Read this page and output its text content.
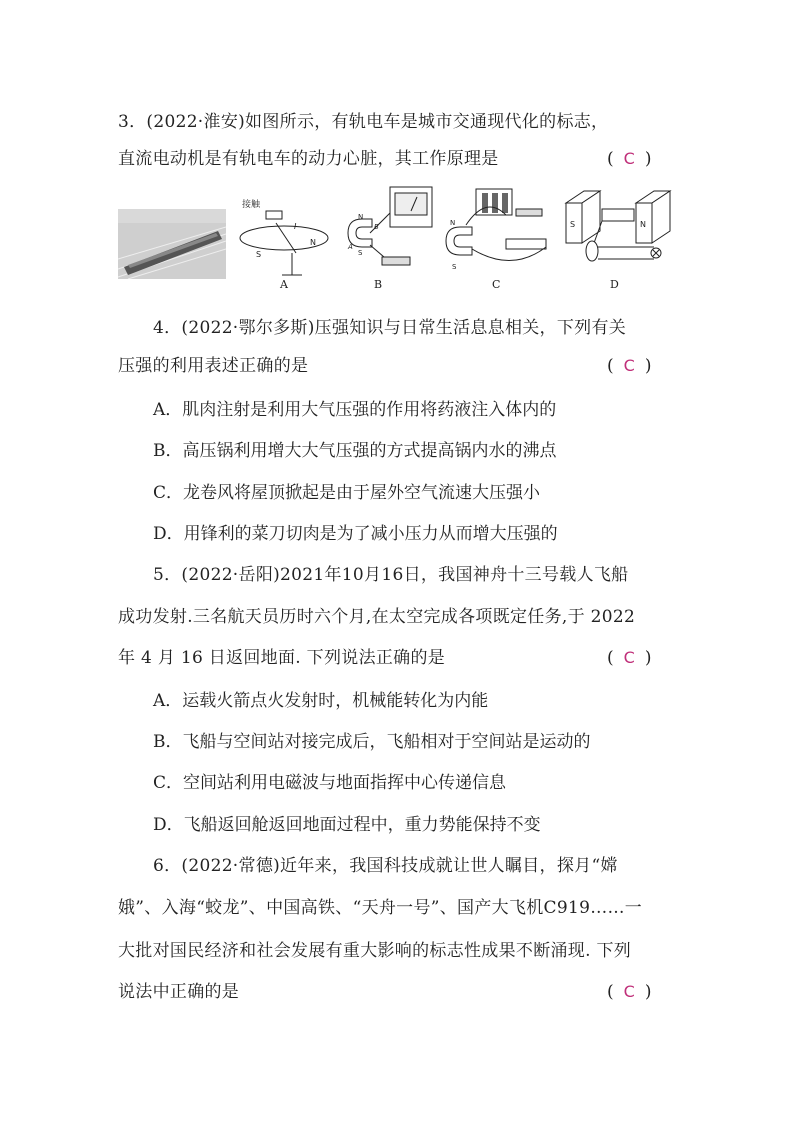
3．(2022·淮安)如图所示，有轨电车是城市交通现代化的标志，
直流电动机是有轨电车的动力心脏，其工作原理是	( C )
接触
S
N
I
N
S
A
B	N
S
S	N
A	B	C	D
4．(2022·鄂尔多斯)压强知识与日常生活息息相关，下列有关
压强的利用表述正确的是	( C )
A．肌肉注射是利用大气压强的作用将药液注入体内的
B．高压锅利用增大大气压强的方式提高锅内水的沸点
C．龙卷风将屋顶掀起是由于屋外空气流速大压强小
D．用锋利的菜刀切肉是为了减小压力从而增大压强的
5．(2022·岳阳)2021年10月16日，我国神舟十三号载人飞船
成功发射.三名航天员历时六个月,在太空完成各项既定任务,于 2022
年 4 月 16 日返回地面. 下列说法正确的是	( C )
A．运载火箭点火发射时，机械能转化为内能
B．飞船与空间站对接完成后，飞船相对于空间站是运动的
C．空间站利用电磁波与地面指挥中心传递信息
D．飞船返回舱返回地面过程中，重力势能保持不变
6．(2022·常德)近年来，我国科技成就让世人瞩目，探月“嫦
娥”、入海“蛟龙”、中国高铁、“天舟一号”、国产大飞机C919……一
大批对国民经济和社会发展有重大影响的标志性成果不断涌现. 下列
说法中正确的是	( C )
